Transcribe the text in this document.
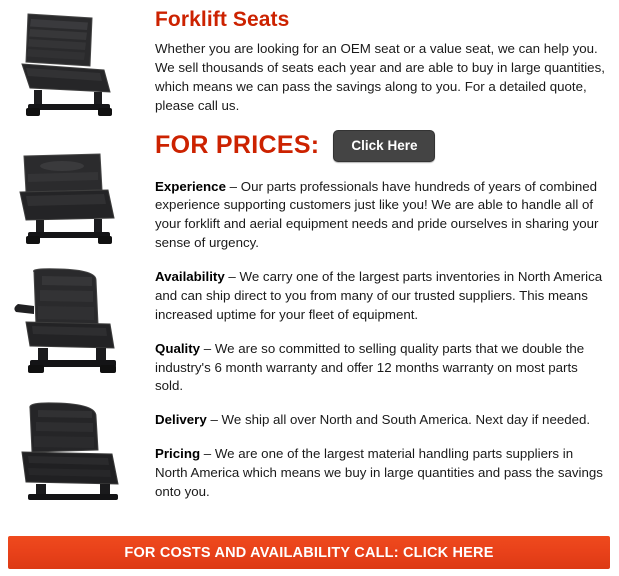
Forklift Seats

Whether you are looking for an OEM seat or a value seat, we can help you. We sell thousands of seats each year and are able to buy in large quantities, which means we can pass the savings along to you. For a detailed quote, please call us.

FOR PRICES:	Click Here

Experience – Our parts professionals have hundreds of years of combined experience supporting customers just like you! We are able to handle all of your forklift and aerial equipment needs and pride ourselves in sharing your sense of urgency.

Availability – We carry one of the largest parts inventories in North America and can ship direct to you from many of our trusted suppliers. This means increased uptime for your fleet of equipment.

Quality – We are so committed to selling quality parts that we double the industry's 6 month warranty and offer 12 months warranty on most parts sold.

Delivery – We ship all over North and South America. Next day if needed.

Pricing – We are one of the largest material handling parts suppliers in North America which means we buy in large quantities and pass the savings onto you.

FOR COSTS AND AVAILABILITY CALL: CLICK HERE
